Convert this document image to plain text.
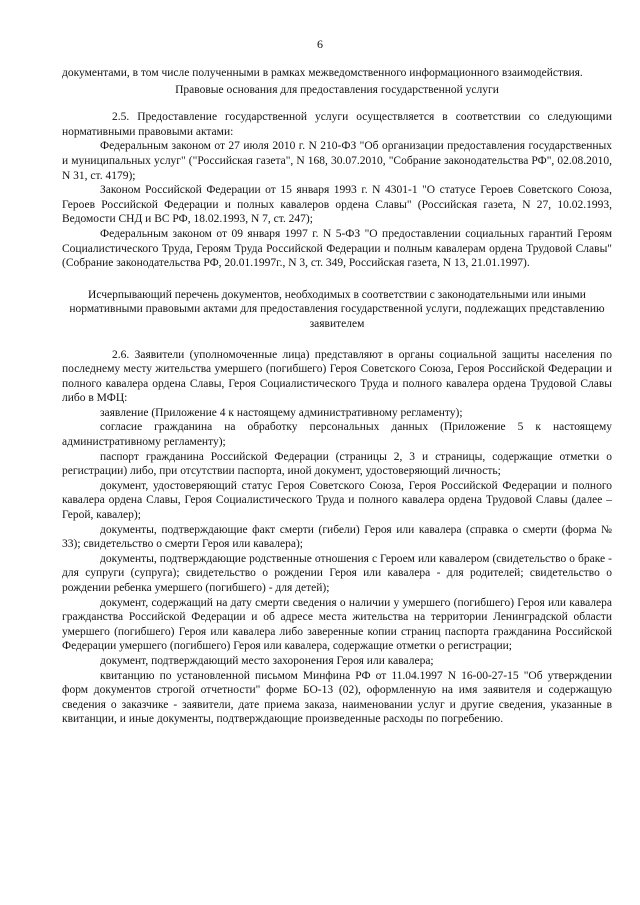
6

документами, в том числе полученными в рамках межведомственного информационного взаимодействия.

Правовые основания для предоставления государственной услуги

2.5. Предоставление государственной услуги осуществляется в соответствии со следующими нормативными правовыми актами:

Федеральным законом от 27 июля 2010 г. N 210-ФЗ "Об организации предоставления государственных и муниципальных услуг" ("Российская газета", N 168, 30.07.2010, "Собрание законодательства РФ", 02.08.2010, N 31, ст. 4179);

Законом Российской Федерации от 15 января 1993 г. N 4301-1 "О статусе Героев Советского Союза, Героев Российской Федерации и полных кавалеров ордена Славы" (Российская газета, N 27, 10.02.1993, Ведомости СНД и ВС РФ, 18.02.1993, N 7, ст. 247);

Федеральным законом от 09 января 1997 г. N 5-ФЗ "О предоставлении социальных гарантий Героям Социалистического Труда, Героям Труда Российской Федерации и полным кавалерам ордена Трудовой Славы" (Собрание законодательства РФ, 20.01.1997г., N 3, ст. 349, Российская газета, N 13, 21.01.1997).

Исчерпывающий перечень документов, необходимых в соответствии с законодательными или иными нормативными правовыми актами для предоставления государственной услуги, подлежащих представлению заявителем

2.6. Заявители (уполномоченные лица) представляют в органы социальной защиты населения по последнему месту жительства умершего (погибшего) Героя Советского Союза, Героя Российской Федерации и полного кавалера ордена Славы, Героя Социалистического Труда и полного кавалера ордена Трудовой Славы либо в МФЦ:

заявление (Приложение 4 к настоящему административному регламенту);

согласие гражданина на обработку персональных данных (Приложение 5 к настоящему административному регламенту);

паспорт гражданина Российской Федерации (страницы 2, 3 и страницы, содержащие отметки о регистрации) либо, при отсутствии паспорта, иной документ, удостоверяющий личность;

документ, удостоверяющий статус Героя Советского Союза, Героя Российской Федерации и полного кавалера ордена Славы, Героя Социалистического Труда и полного кавалера ордена Трудовой Славы (далее – Герой, кавалер);

документы, подтверждающие факт смерти (гибели) Героя или кавалера (справка о смерти (форма № 33); свидетельство о смерти Героя или кавалера);

документы, подтверждающие родственные отношения с Героем или кавалером (свидетельство о браке - для супруги (супруга); свидетельство о рождении Героя или кавалера - для родителей; свидетельство о рождении ребенка умершего (погибшего) - для детей);

документ, содержащий на дату смерти сведения о наличии у умершего (погибшего) Героя или кавалера гражданства Российской Федерации и об адресе места жительства на территории Ленинградской области умершего (погибшего) Героя или кавалера либо заверенные копии страниц паспорта гражданина Российской Федерации умершего (погибшего) Героя или кавалера, содержащие отметки о регистрации;

документ, подтверждающий место захоронения Героя или кавалера;

квитанцию по установленной письмом Минфина РФ от 11.04.1997 N 16-00-27-15 "Об утверждении форм документов строгой отчетности" форме БО-13 (02), оформленную на имя заявителя и содержащую сведения о заказчике - заявители, дате приема заказа, наименовании услуг и другие сведения, указанные в квитанции, и иные документы, подтверждающие произведенные расходы по погребению.
